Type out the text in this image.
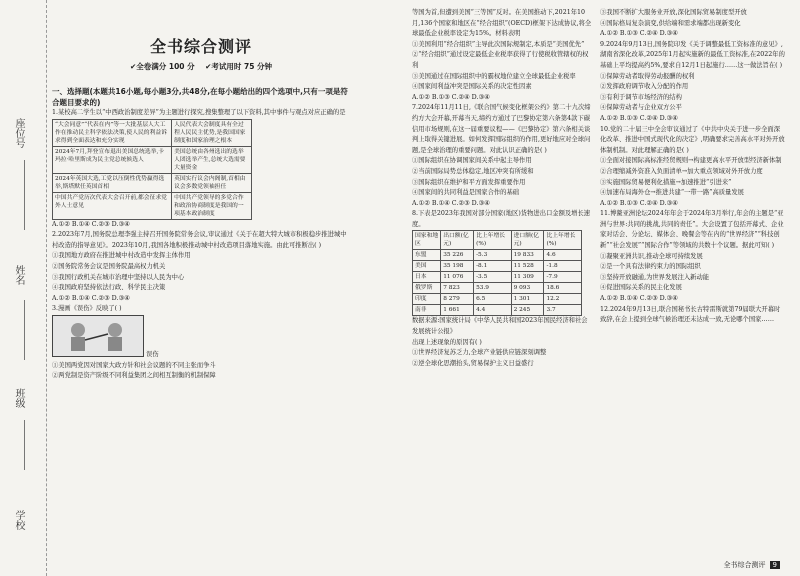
座位号
姓名
班级
学校
全书综合测评
✔全卷满分 100 分 ✔考试用时 75 分钟
一、选择题(本题共16小题,每小题3分,共48分,在每小题给出的四个选项中,只有一项是符合题目要求的)

1.某校高二学生以“中西政治制度差异”为主题进行探究,搜集整理了以下资料,其中事件与观点对应正确的是

“大会同意”“代表在内”等一大批基层人大工作在推动民主科学依法决策,使人民的利益诉求得到全面表达和充分实现	人民代表大会制度具有全过程人民民主优势,是我国国家制度和国家治理之根本
2024年7月,拜登宣布退出美国总统选举,卡玛拉·哈里斯成为民主党总统候选人	美国总统由各州选出的选举人团选举产生,总统大选需要大量资金
2024年英国大选,工党以压倒性优势赢得选举,斯塔默任英国首相	英国实行议会内阁制,首相由议会多数党领袖担任
中国共产党历次代表大会召开前,都会征求党外人士意见	中国共产党领导的多党合作和政治协商制度是我国的一项基本政治制度

A.①② B.①④ C.②③ D.③④

2.2023年7月,国务院总理李强主持召开国务院常务会议,审议通过《关于在超大特大城市积极稳步推进城中村改造的指导意见》。2023年10月,我国各地积极推动城中村改造项目落地实施。由此可推断出( )

①我国地方政府在推进城中村改造中发挥主体作用

②国务院常务会议是国务院最高权力机关

③我国行政机关在城市治理中坚持以人民为中心

④我国政府坚持依法行政、科学民主决策

A.①② B.①④ C.②③ D.③④

3.漫画《误伤》反映了( )

误伤

①美国两党因对国家大政方针和社会议题的不同主张而争斗

②两党制是资产阶级不同利益集团之间相互制衡的机制保障

等国为首,但遭到美国“三等国”反对。在美国推动下,2021年10月,136个国家和地区在“经合组织”(OECD)框架下达成协议,将全球最低企业税率设定为15%。材料表明

①美国利用“经合组织”主导此次国际规制定,本质是“美国优先”

②“经合组织”通过设定最低企业税率获得了行使税收管辖权的权利

③美国通过在国际组织中的霸权地位建立全球最低企业税率

④国家间利益冲突是国际关系的决定性因素

A.①② B.①③ C.②④ D.③④

7.2024年11月11日,《联合国气候变化框架公约》第二十九次缔约方大会开幕,开幕当天,缔约方通过了巴黎协定第六条第4款下碳信用市场规则,在这一届重要议程——《巴黎协定》第六条相关谈判上取得关键进展。如何发挥国际组织的作用,更好地应对全球问题,是全球治理的重要问题。对此认识正确的是( )

①国际组织在协调国家间关系中起主导作用

②当前国际局势总体稳定,地区冲突有所缓和

③国际组织在维护和平方面发挥重要作用

④国家间的共同利益是国家合作的基础

A.①② B.①④ C.②③ D.③④

8.下表是2023年我国对部分国家(地区)货物进出口金额及增长速度。

国家和地区	出口额(亿元)	比上年增长(%)	进口额(亿元)	比上年增长(%)
东盟	35 226	-5.3	19 833	4.6
美国	35 198	-8.1	11 528	-1.8
日本	11 076	-3.5	11 309	-7.9
俄罗斯	7 823	53.9	9 093	18.6
印度	8 279	6.5	1 301	12.2
南非	1 661	4.4	2 245	3.7

数据来源:国家统计局《中华人民共和国2023年国民经济和社会发展统计公报》

出现上述现象的原因有( )

①世界经济复苏乏力,全球产业链供应链深刻调整

②逆全球化思潮抬头,贸易保护主义日益盛行

③我国不断扩大服务业开放,深化国际贸易制度型开放

④国际格局复杂演变,供给端和需求端都出现新变化

A.①② B.①③ C.②④ D.③④

9.2024年9月13日,国务院印发《关于调整最低工资标准的意见》,湖南省深化改革,2025年1月起实施新的最低工资标准,在2022年的基础上平均提高约5%,要求自12月1日起施行……这一做法旨在( )

①保障劳动者取得劳动报酬的权利

②发挥政府调节收入分配的作用

③有利于调节市场经济的结构

④保障劳动者与企业双方公平

A.①② B.①③ C.②④ D.③④

10.党的二十届三中全会审议通过了《中共中央关于进一步全面深化改革、推进中国式现代化的决定》,明确要求完善高水平对外开放体制机制。对此理解正确的是( )

①全面对接国际高标准经贸规则→构建更高水平开放型经济新体制

②合理缩减外资准入负面清单→加大重点领域对外开放力度

③实施国际贸易便利化措施→加速推进“引进来”

④加速布局海外仓→推进共建“一带一路”高质量发展

A.①② B.①③ C.②④ D.③④

11.博鳌亚洲论坛2024年年会于2024年3月举行,年会的主题是“亚洲与世界:共同的挑战,共同的责任”。大会设置了包括开幕式、企业家对话会、分论坛、媒体会、晚餐会等在内的“世界经济”“科技创新”“社会发展”“国际合作”等领域的共数十个议题。据此可知( )

①凝聚亚洲共识,推动全球可持续发展

②是一个具有法律约束力的国际组织

③坚持开放融通,为世界发展注入新动能

④促进国际关系的民主化发展

A.①② B.①④ C.②③ D.③④

12.2024年9月13日,联合国秘书长古特雷斯就第79届联大开幕时致辞,在会上提到全球气候治理还未达成一致,无论哪个国家……

全书综合测评 9
